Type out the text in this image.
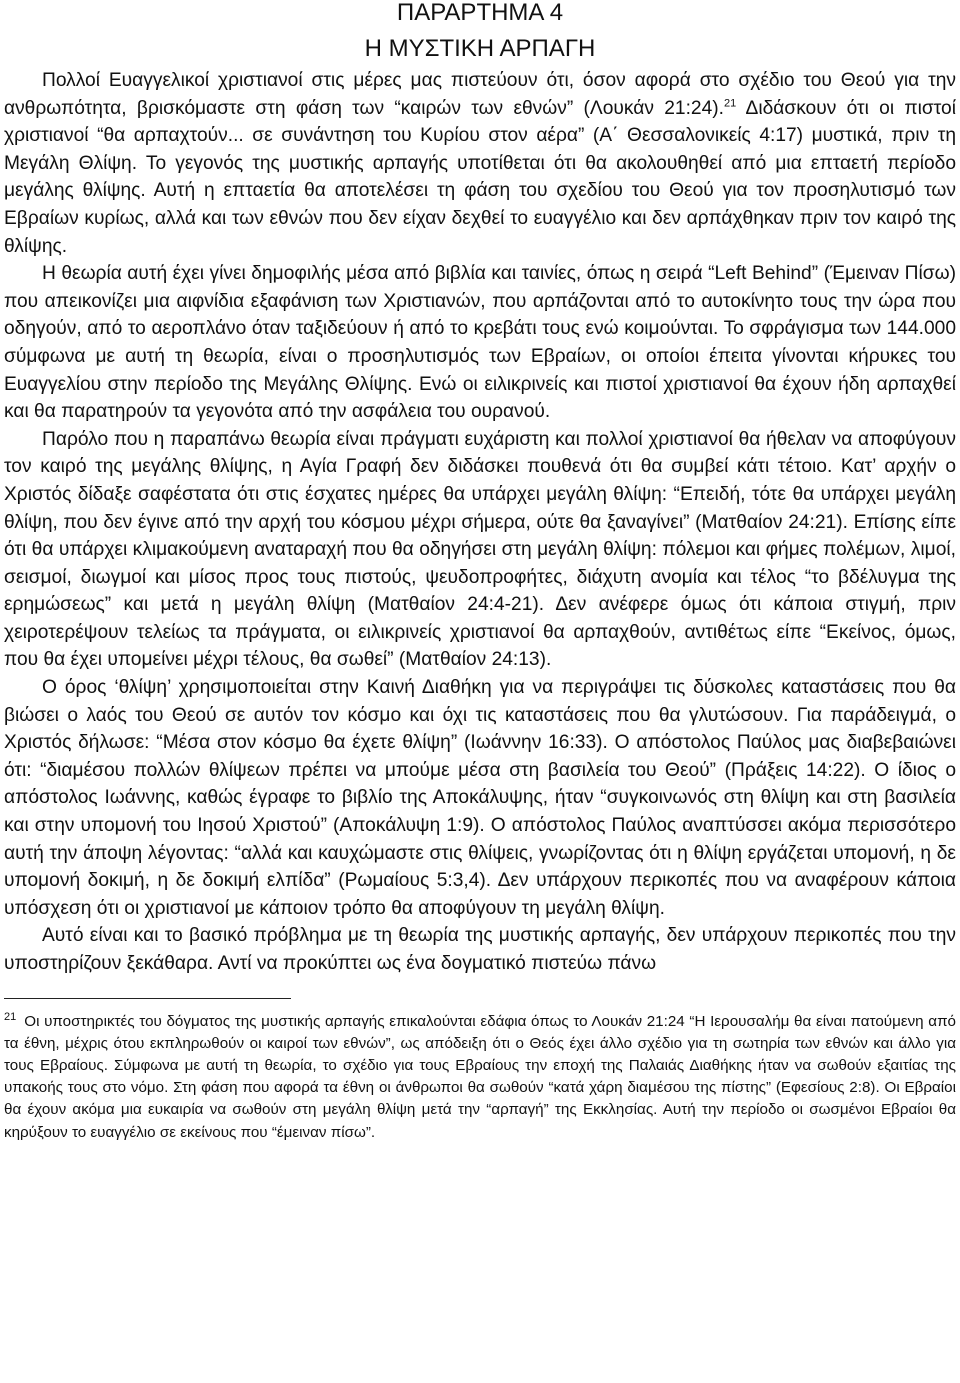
ΠΑΡΑΡΤΗΜΑ 4
Η ΜΥΣΤΙΚΗ ΑΡΠΑΓΗ

Πολλοί Ευαγγελικοί χριστιανοί στις μέρες μας πιστεύουν ότι, όσον αφορά στο σχέδιο του Θεού για την ανθρωπότητα, βρισκόμαστε στη φάση των “καιρών των εθνών” (Λουκάν 21:24).$^{21}$ Διδάσκουν ότι οι πιστοί χριστιανοί “θα αρπαχτούν... σε συνάντηση του Κυρίου στον αέρα” (Α΄ Θεσσαλονικείς 4:17) μυστικά, πριν τη Μεγάλη Θλίψη. Το γεγονός της μυστικής αρπαγής υποτίθεται ότι θα ακολουθηθεί από μια επταετή περίοδο μεγάλης θλίψης. Αυτή η επταετία θα αποτελέσει τη φάση του σχεδίου του Θεού για τον προσηλυτισμό των Εβραίων κυρίως, αλλά και των εθνών που δεν είχαν δεχθεί το ευαγγέλιο και δεν αρπάχθηκαν πριν τον καιρό της θλίψης.

Η θεωρία αυτή έχει γίνει δημοφιλής μέσα από βιβλία και ταινίες, όπως η σειρά “Left Behind” (Έμειναν Πίσω) που απεικονίζει μια αιφνίδια εξαφάνιση των Χριστιανών, που αρπάζονται από το αυτοκίνητο τους την ώρα που οδηγούν, από το αεροπλάνο όταν ταξιδεύουν ή από το κρεβάτι τους ενώ κοιμούνται. Το σφράγισμα των 144.000 σύμφωνα με αυτή τη θεωρία, είναι ο προσηλυτισμός των Εβραίων, οι οποίοι έπειτα γίνονται κήρυκες του Ευαγγελίου στην περίοδο της Μεγάλης Θλίψης. Ενώ οι ειλικρινείς και πιστοί χριστιανοί θα έχουν ήδη αρπαχθεί και θα παρατηρούν τα γεγονότα από την ασφάλεια του ουρανού.

Παρόλο που η παραπάνω θεωρία είναι πράγματι ευχάριστη και πολλοί χριστιανοί θα ήθελαν να αποφύγουν τον καιρό της μεγάλης θλίψης, η Αγία Γραφή δεν διδάσκει πουθενά ότι θα συμβεί κάτι τέτοιο. Κατ’ αρχήν ο Χριστός δίδαξε σαφέστατα ότι στις έσχατες ημέρες θα υπάρχει μεγάλη θλίψη: “Επειδή, τότε θα υπάρχει μεγάλη θλίψη, που δεν έγινε από την αρχή του κόσμου μέχρι σήμερα, ούτε θα ξαναγίνει” (Ματθαίον 24:21). Επίσης είπε ότι θα υπάρχει κλιμακούμενη αναταραχή που θα οδηγήσει στη μεγάλη θλίψη: πόλεμοι και φήμες πολέμων, λιμοί, σεισμοί, διωγμοί και μίσος προς τους πιστούς, ψευδοπροφήτες, διάχυτη ανομία και τέλος “το βδέλυγμα της ερημώσεως” και μετά η μεγάλη θλίψη (Ματθαίον 24:4-21). Δεν ανέφερε όμως ότι κάποια στιγμή, πριν χειροτερέψουν τελείως τα πράγματα, οι ειλικρινείς χριστιανοί θα αρπαχθούν, αντιθέτως είπε “Εκείνος, όμως, που θα έχει υπομείνει μέχρι τέλους, θα σωθεί” (Ματθαίον 24:13).

Ο όρος ‘θλίψη’ χρησιμοποιείται στην Καινή Διαθήκη για να περιγράψει τις δύσκολες καταστάσεις που θα βιώσει ο λαός του Θεού σε αυτόν τον κόσμο και όχι τις καταστάσεις που θα γλυτώσουν. Για παράδειγμά, ο Χριστός δήλωσε: “Μέσα στον κόσμο θα έχετε θλίψη” (Ιωάννην 16:33). Ο απόστολος Παύλος μας διαβεβαιώνει ότι: “διαμέσου πολλών θλίψεων πρέπει να μπούμε μέσα στη βασιλεία του Θεού” (Πράξεις 14:22). Ο ίδιος ο απόστολος Ιωάννης, καθώς έγραφε το βιβλίο της Αποκάλυψης, ήταν “συγκοινωνός στη θλίψη και στη βασιλεία και στην υπομονή του Ιησού Χριστού” (Αποκάλυψη 1:9). Ο απόστολος Παύλος αναπτύσσει ακόμα περισσότερο αυτή την άποψη λέγοντας: “αλλά και καυχώμαστε στις θλίψεις, γνωρίζοντας ότι η θλίψη εργάζεται υπομονή, η δε υπομονή δοκιμή, η δε δοκιμή ελπίδα” (Ρωμαίους 5:3,4). Δεν υπάρχουν περικοπές που να αναφέρουν κάποια υπόσχεση ότι οι χριστιανοί με κάποιον τρόπο θα αποφύγουν τη μεγάλη θλίψη.

Αυτό είναι και το βασικό πρόβλημα με τη θεωρία της μυστικής αρπαγής, δεν υπάρχουν περικοπές που την υποστηρίζουν ξεκάθαρα. Αντί να προκύπτει ως ένα δογματικό πιστεύω πάνω

$^{21}$ Οι υποστηρικτές του δόγματος της μυστικής αρπαγής επικαλούνται εδάφια όπως το Λουκάν 21:24 “Η Ιερουσαλήμ θα είναι πατούμενη από τα έθνη, μέχρις ότου εκπληρωθούν οι καιροί των εθνών”, ως απόδειξη ότι ο Θεός έχει άλλο σχέδιο για τη σωτηρία των εθνών και άλλο για τους Εβραίους. Σύμφωνα με αυτή τη θεωρία, το σχέδιο για τους Εβραίους την εποχή της Παλαιάς Διαθήκης ήταν να σωθούν εξαιτίας της υπακοής τους στο νόμο. Στη φάση που αφορά τα έθνη οι άνθρωποι θα σωθούν “κατά χάρη διαμέσου της πίστης” (Εφεσίους 2:8). Οι Εβραίοι θα έχουν ακόμα μια ευκαιρία να σωθούν στη μεγάλη θλίψη μετά την “αρπαγή” της Εκκλησίας. Αυτή την περίοδο οι σωσμένοι Εβραίοι θα κηρύξουν το ευαγγέλιο σε εκείνους που “έμειναν πίσω”.
